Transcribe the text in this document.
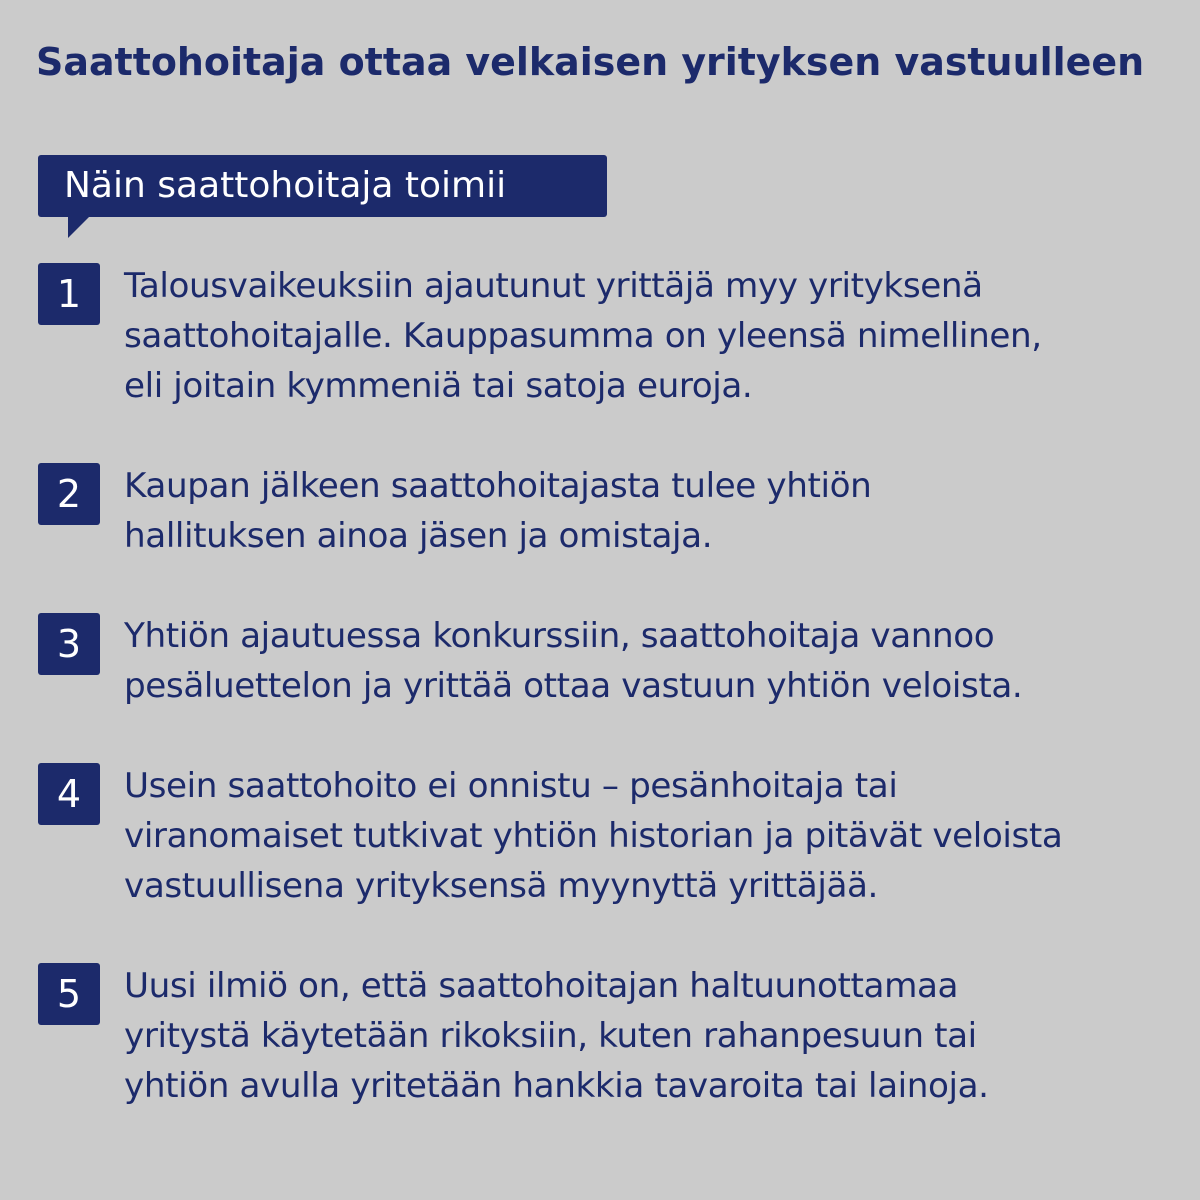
Saattohoitaja ottaa velkaisen yrityksen vastuulleen
Näin saattohoitaja toimii
1	Talousvaikeuksiin ajautunut yrittäjä myy yrityksenä
saattohoitajalle. Kauppasumma on yleensä nimellinen,
eli joitain kymmeniä tai satoja euroja.
2	Kaupan jälkeen saattohoitajasta tulee yhtiön
hallituksen ainoa jäsen ja omistaja.
3	Yhtiön ajautuessa konkurssiin, saattohoitaja vannoo
pesäluettelon ja yrittää ottaa vastuun yhtiön veloista.
4	Usein saattohoito ei onnistu – pesänhoitaja tai
viranomaiset tutkivat yhtiön historian ja pitävät veloista
vastuullisena yrityksensä myynyttä yrittäjää.
5	Uusi ilmiö on, että saattohoitajan haltuunottamaa
yritystä käytetään rikoksiin, kuten rahanpesuun tai
yhtiön avulla yritetään hankkia tavaroita tai lainoja.
